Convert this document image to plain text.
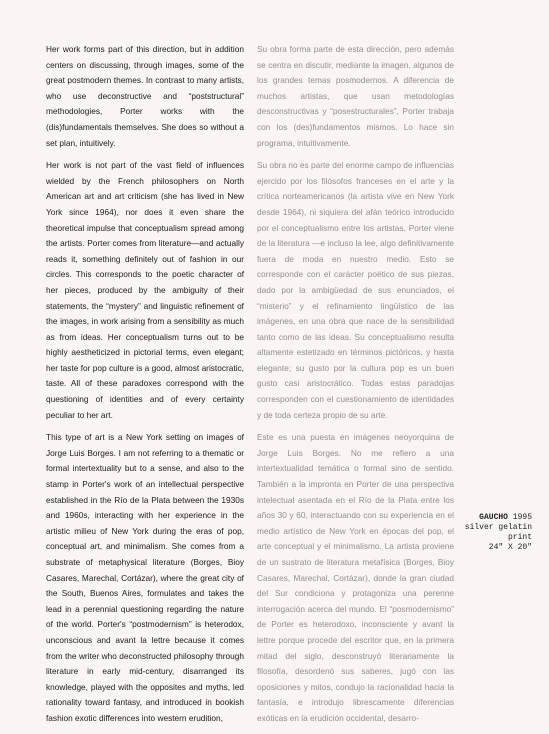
Her work forms part of this direction, but in addition centers on discussing, through images, some of the great postmodern themes. In contrast to many artists, who use deconstructive and “poststructural” methodologies, Porter works with the (dis)fundamentals themselves. She does so without a set plan, intuitively.

Her work is not part of the vast field of influences wielded by the French philosophers on North American art and art criticism (she has lived in New York since 1964), nor does it even share the theoretical impulse that conceptualism spread among the artists. Porter comes from literature—and actually reads it, something definitely out of fashion in our circles. This corresponds to the poetic character of her pieces, produced by the ambiguity of their statements, the “mystery” and linguistic refinement of the images, in work arising from a sensibility as much as from ideas. Her conceptualism turns out to be highly aestheticized in pictorial terms, even elegant; her taste for pop culture is a good, almost aristocratic, taste. All of these paradoxes correspond with the questioning of identities and of every certainty peculiar to her art.

This type of art is a New York setting on images of Jorge Luis Borges. I am not referring to a thematic or formal intertextuality but to a sense, and also to the stamp in Porter's work of an intellectual perspective established in the Río de la Plata between the 1930s and 1960s, interacting with her experience in the artistic milieu of New York during the eras of pop, conceptual art, and minimalism. She comes from a substrate of metaphysical literature (Borges, Bioy Casares, Marechal, Cortázar), where the great city of the South, Buenos Aires, formulates and takes the lead in a perennial questioning regarding the nature of the world. Porter's “postmodernism” is heterodox, unconscious and avant la lettre because it comes from the writer who deconstructed philosophy through literature in early mid-century, disarranged its knowledge, played with the opposites and myths, led rationality toward fantasy, and introduced in bookish fashion exotic differences into western erudition,

Su obra forma parte de esta dirección, pero además se centra en discutir, mediante la imagen, algunos de los grandes temas posmodernos. A diferencia de muchos artistas, que usan metodologías desconstructivas y “posestructurales”, Porter trabaja con los (des)fundamentos mismos. Lo hace sin programa, intuitivamente.

Su obra no es parte del enorme campo de influencias ejercido por los filósofos franceses en el arte y la crítica norteamericanos (la artista vive en New York desde 1964), ni siquiera del afán teórico introducido por el conceptualismo entre los artistas. Porter viene de la literatura —e incluso la lee, algo definitivamente fuera de moda en nuestro medio. Esto se corresponde con el carácter poético de sus piezas, dado por la ambigüedad de sus enunciados, el “misterio” y el refinamiento lingüístico de las imágenes, en una obra que nace de la sensibilidad tanto como de las ideas. Su conceptualismo resulta altamente estetizado en términos pictóricos, y hasta elegante; su gusto por la cultura pop es un buen gusto casi aristocrático. Todas estas paradojas corresponden con el cuestionamiento de identidades y de toda certeza propio de su arte.

Este es una puesta en imágenes neoyorquina de Jorge Luis Borges. No me refiero a una intertextualidad temática o formal sino de sentido. También a la impronta en Porter de una perspectiva intelectual asentada en el Río de la Plata entre los años 30 y 60, interactuando con su experiencia en el medio artístico de New York en épocas del pop, el arte conceptual y el minimalismo. La artista proviene de un sustrato de literatura metafísica (Borges, Bioy Casares, Marechal, Cortázar), donde la gran ciudad del Sur condiciona y protagoniza una perenne interrogación acerca del mundo. El “posmodernismo” de Porter es heterodoxo, inconsciente y avant la lettre porque procede del escritor que, en la primera mitad del siglo, desconstruyó literariamente la filosofía, desordenó sus saberes, jugó con las oposiciones y mitos, condujo la racionalidad hacia la fantasía, e introdujo librescamente diferencias exóticas en la erudición occidental, desarro-

GAUCHO 1995
silver gelatin print
24" X 20"
